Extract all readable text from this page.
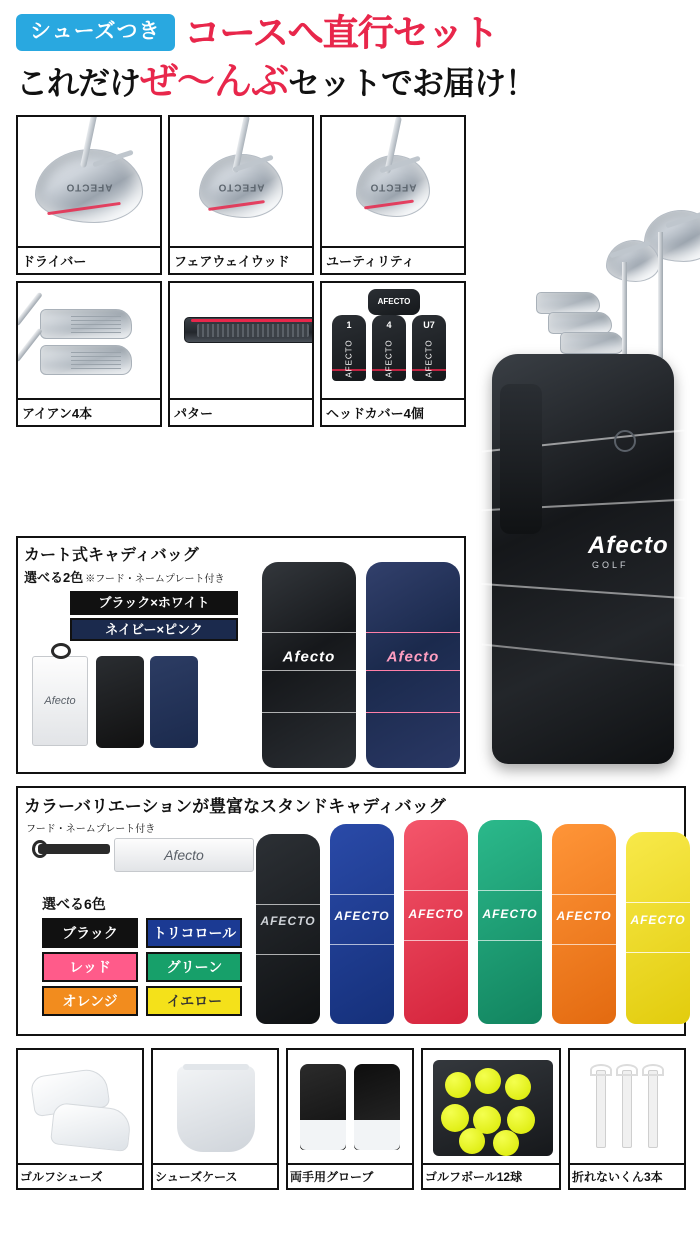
シューズつき コースへ直行セット
これだけ ぜ～んぶ セットでお届け！
AFECTO
ドライバー
AFECTO
フェアウェイウッド
AFECTO
ユーティリティ
アイアン4本	パター
1
AFECTO
4
AFECTO
U7
AFECTO
AFECTO
ヘッドカバー4個
カート式キャディバッグ
選べる2色 ※フード・ネームプレート付き
ブラック×ホワイト
ネイビー×ピンク
Afecto
Afecto	Afecto
Afecto
GOLF
カラーバリエーションが豊富なスタンドキャディバッグ
フード・ネームプレート付き
Afecto
選べる6色
ブラック トリコロール レッド	グリーン オレンジ	イエロー
AFECTO AFECTO AFECTO AFECTO AFECTO AFECTO
ゴルフシューズ	シューズケース	両手用グローブ	ゴルフボール12球	折れないくん3本
